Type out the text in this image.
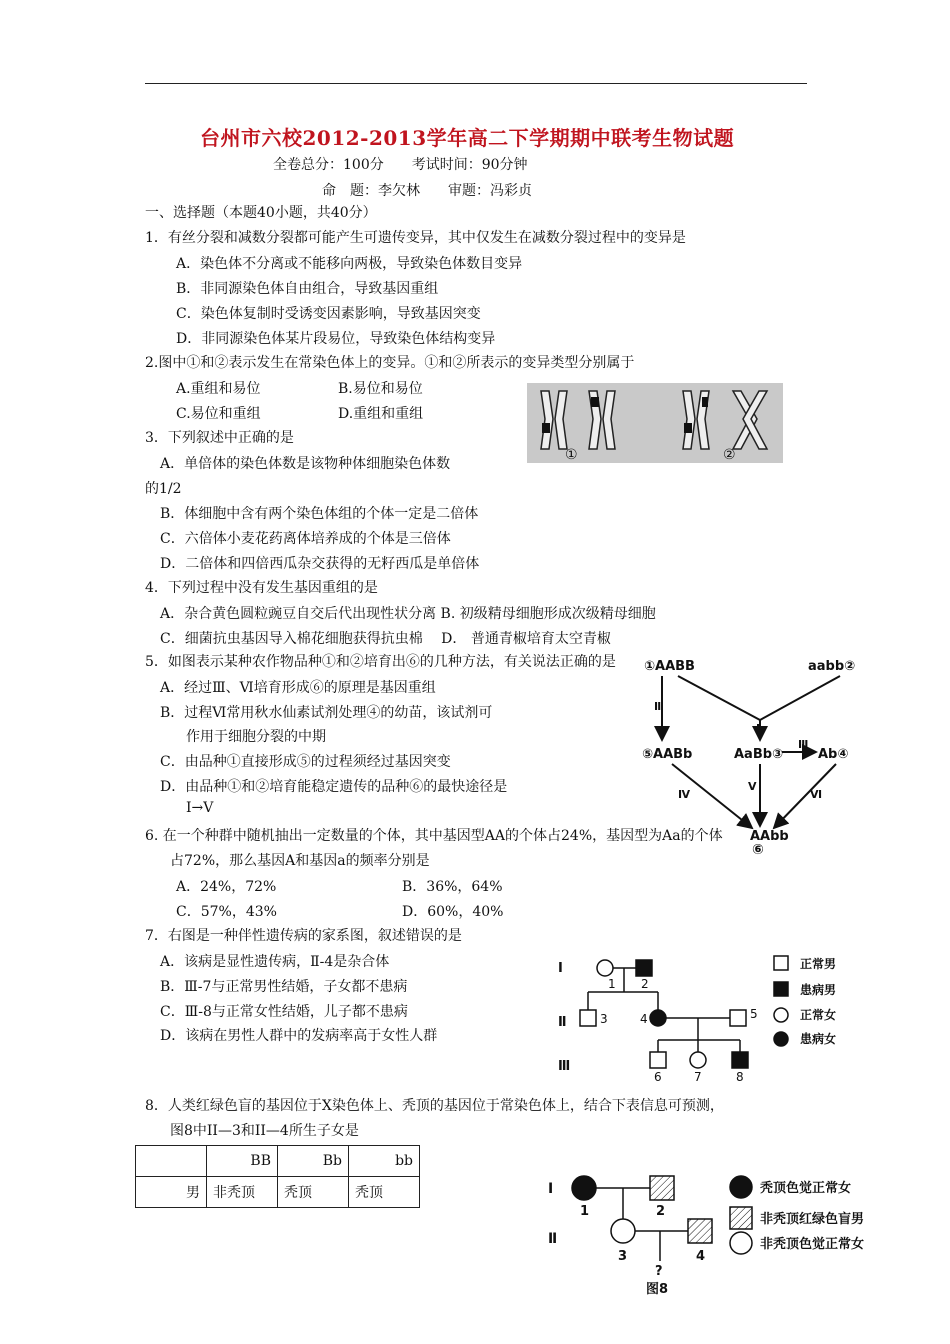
台州市六校2012-2013学年高二下学期期中联考生物试题
全卷总分：100分　　考试时间：90分钟
命　题：李欠林　　审题：冯彩贞
一、选择题（本题40小题，共40分）
1．有丝分裂和减数分裂都可能产生可遗传变异，其中仅发生在减数分裂过程中的变异是
A．染色体不分离或不能移向两极，导致染色体数目变异
B．非同源染色体自由组合，导致基因重组
C．染色体复制时受诱变因素影响，导致基因突变
D．非同源染色体某片段易位，导致染色体结构变异
2.图中①和②表示发生在常染色体上的变异。①和②所表示的变异类型分别属于
A.重组和易位	B.易位和易位
C.易位和重组	D.重组和重组
①	②
3．下列叙述中正确的是
A．单倍体的染色体数是该物种体细胞染色体数
的1/2
B．体细胞中含有两个染色体组的个体一定是二倍体
C．六倍体小麦花药离体培养成的个体是三倍体
D．二倍体和四倍西瓜杂交获得的无籽西瓜是单倍体
4．下列过程中没有发生基因重组的是
A．杂合黄色圆粒豌豆自交后代出现性状分离 B. 初级精母细胞形成次级精母细胞
C．细菌抗虫基因导入棉花细胞获得抗虫棉　 D． 普通青椒培育太空青椒
5．如图表示某种农作物品种①和②培育出⑥的几种方法，有关说法正确的是
A．经过Ⅲ、Ⅵ培育形成⑥的原理是基因重组
B．过程Ⅵ常用秋水仙素试剂处理④的幼苗，该试剂可
作用于细胞分裂的中期
C．由品种①直接形成⑤的过程须经过基因突变
D．由品种①和②培育能稳定遗传的品种⑥的最快途径是
Ⅰ→Ⅴ
①AABB	aabb②
⑤AABb	AaBb③	Ab④
AAbb
⑥
Ⅱ
Ⅰ
Ⅲ
Ⅳ
Ⅴ
Ⅵ
6. 在一个种群中随机抽出一定数量的个体，其中基因型AA的个体占24%，基因型为Aa的个体
占72%，那么基因A和基因a的频率分别是
A．24%，72%	B．36%，64%
C．57%，43%	D．60%，40%
7．右图是一种伴性遗传病的家系图，叙述错误的是
A．该病是显性遗传病，Ⅱ-4是杂合体
B．Ⅲ-7与正常男性结婚，子女都不患病
C．Ⅲ-8与正常女性结婚，儿子都不患病
D．该病在男性人群中的发病率高于女性人群
Ⅰ
Ⅱ
Ⅲ
1 2
3	4	5
6	7	8
正常男
患病男
正常女
患病女
8．人类红绿色盲的基因位于X染色体上、秃顶的基因位于常染色体上，结合下表信息可预测，
图8中II—3和II—4所生子女是
	BB	Bb	bb
男	非秃顶	秃顶	秃顶	Ⅰ
Ⅱ
1	2
3	4
?
图8
秃顶色觉正常女
非秃顶红绿色盲男
非秃顶色觉正常女
